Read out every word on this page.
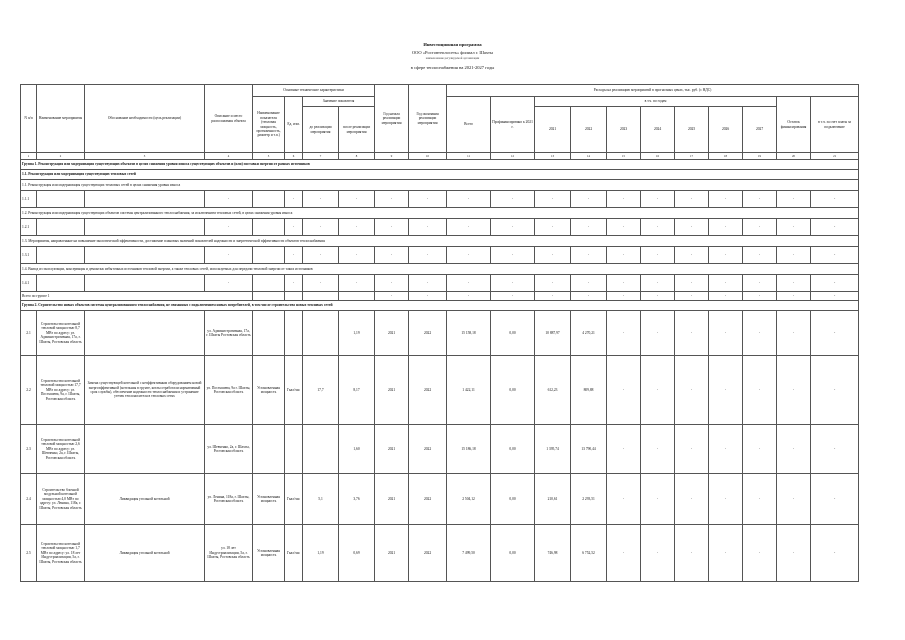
Инвестиционная программа
ООО «Ростовтеплосеть» филиал г. Шахты
наименование регулируемой организации
в сфере теплоснабжения на 2021-2027 годы
N п/п	Наименование мероприятия	Обоснование необходимости (цель реализации)	Описание и место расположения объекта	Основные технические характеристики				Год начала реализации мероприятия	Год окончания реализации мероприятия	Расходы на реализацию мероприятий в прогнозных ценах, тыс. руб. (с НДС)										
				Наименование показателя (тепловая мощность, протяженность, диаметр и т.п.)	Ед. изм.	Значение показателя				Всего	Профинансировано к 2021 г.	в т.ч. по годам							Остаток финансирования	в т.ч. за счет платы за подключение
						до реализации мероприятия	после реализации мероприятия					2021	2022	2023	2024	2025	2026	2027		

1	2	3	4	5	6	7	8	9	10	11	12	13	14	15	16	17	18	19	20	21
Группа 1. Реконструкция или модернизация существующих объектов в целях снижения уровня износа существующих объектов и (или) поставки энергии от разных источников																				
1.1. Реконструкция или модернизация существующих тепловых сетей																				
1.1. Реконструкция или модернизация существующих тепловых сетей в целях снижения уровня износа																				
1.1.1			-		-	-	-	-	-	-	-	-	-	-	-	-	-	-	-	-
1.2. Реконструкция или модернизация существующих объектов системы централизованного теплоснабжения, за исключением тепловых сетей, в целях снижения уровня износа																				
1.2.1			-		-	-	-	-	-	-	-	-	-	-	-	-	-	-	-	-
1.3. Мероприятия, направленные на повышение экологической эффективности, достижение плановых значений показателей надежности и энергетической эффективности объектов теплоснабжения																				
1.3.1			-		-	-	-	-	-	-	-	-	-	-	-	-	-	-	-	-
1.4. Вывод из эксплуатации, консервация и демонтаж избыточных источников тепловой энергии, а также тепловых сетей, используемых для передачи тепловой энергии от таких источников																				
1.4.1			-		-	-	-	-	-	-	-	-	-	-	-	-	-	-	-	-
Всего по группе 1								-	-	-	-	-	-	-	-	-	-	-	-	-
Группа 2. Строительство новых объектов системы централизованного теплоснабжения, не связанных с подключением новых потребителей, в том числе строительство новых тепловых сетей																				
2.1	Строительство котельной тепловой мощностью 8,7 МВт по адресу: ул. Административная, 17а, г. Шахты, Ростовская область		ул. Административная, 17а, г. Шахты Ростовская область				1,19	2021	2022	15 158,18	0,00	10 887,97	4 270,21	-	-	-	-	-	-	-
2.2	Строительство котельной тепловой мощностью 17,7 МВт по адресу: ул. Постышева, 9а, г. Шахты, Ростовская область	Замена существующей котельной с неэффективным оборудованием новой энергоэффективной (котельная в грунте, котлы отработали нормативный срок службы), обеспечение надежности теплоснабжения и устранение утечек теплоносителя в тепловых сетях	ул. Постышева, 9а г. Шахты, Ростовская область	Установленная мощность	Гкал/час	17,7	8,17	2021	2022	1 422,11	0,00	612,23	809,88	-	-	-	-	-	-	-
2.3	Строительство котельной тепловой мощностью 2,6 МВт по адресу: ул. Шевченко, 2а, г. Шахты, Ростовская область		ул. Шевченко, 2а, г. Шахты, Ростовская область				1,60	2021	2022	15 186,18	0,00	1 395,74	13 790,44	-	-	-	-	-	-	-
2.4	Строительство блочной модульной котельной мощностью 4,0 МВт по адресу: ул. Ленина, 118а, г. Шахты, Ростовская область	Ликвидация угольной котельной	ул. Ленина, 118а, г. Шахты, Ростовская область	Установленная мощность	Гкал/час	5,1	3,76	2021	2022	2 504,12	0,00	210,61	2 293,51	-	-	-	-	-	-	-
2.5	Строительство котельной тепловой мощностью 1,7 МВт по адресу: ул. 18 лет Индустриализации, 5а, г. Шахты, Ростовская область	Ликвидация угольной котельной	ул. 18 лет Индустриализации, 5а, г. Шахты, Ростовская область	Установленная мощность	Гкал/час	1,19	0,69	2021	2022	7 499,50	0,00	746,98	6 752,52	-	-	-	-	-	-	-
